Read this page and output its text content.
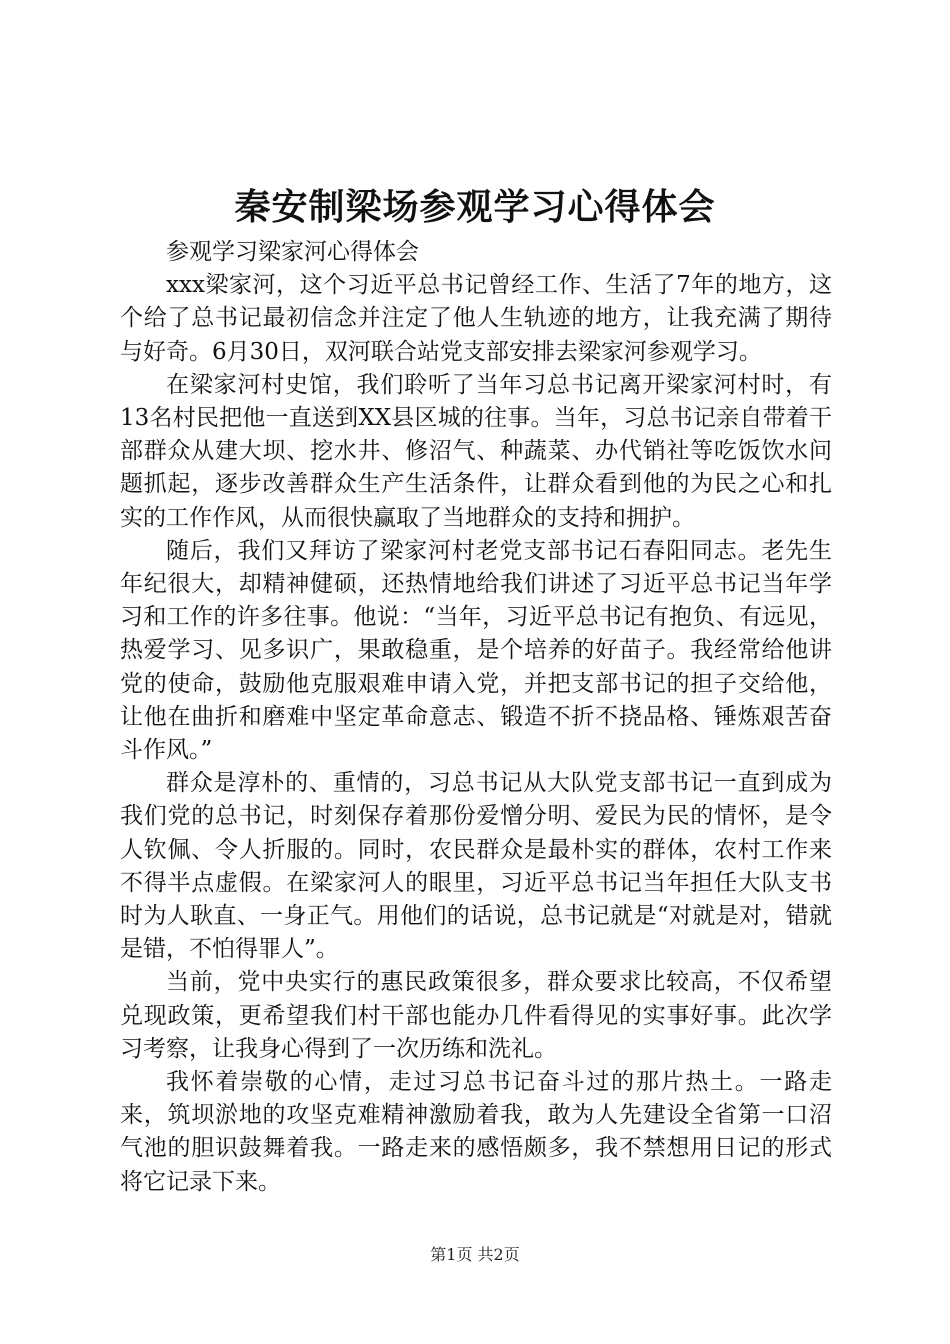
秦安制梁场参观学习心得体会

参观学习梁家河心得体会

xxx梁家河，这个习近平总书记曾经工作、生活了7年的地方，这个给了总书记最初信念并注定了他人生轨迹的地方，让我充满了期待与好奇。6月30日，双河联合站党支部安排去梁家河参观学习。

在梁家河村史馆，我们聆听了当年习总书记离开梁家河村时，有13名村民把他一直送到XX县区城的往事。当年，习总书记亲自带着干部群众从建大坝、挖水井、修沼气、种蔬菜、办代销社等吃饭饮水问题抓起，逐步改善群众生产生活条件，让群众看到他的为民之心和扎实的工作作风，从而很快赢取了当地群众的支持和拥护。

随后，我们又拜访了梁家河村老党支部书记石春阳同志。老先生年纪很大，却精神健硕，还热情地给我们讲述了习近平总书记当年学习和工作的许多往事。他说：“当年，习近平总书记有抱负、有远见，热爱学习、见多识广，果敢稳重，是个培养的好苗子。我经常给他讲党的使命，鼓励他克服艰难申请入党，并把支部书记的担子交给他，让他在曲折和磨难中坚定革命意志、锻造不折不挠品格、锤炼艰苦奋斗作风。”

群众是淳朴的、重情的，习总书记从大队党支部书记一直到成为我们党的总书记，时刻保存着那份爱憎分明、爱民为民的情怀，是令人钦佩、令人折服的。同时，农民群众是最朴实的群体，农村工作来不得半点虚假。在梁家河人的眼里，习近平总书记当年担任大队支书时为人耿直、一身正气。用他们的话说，总书记就是“对就是对，错就是错，不怕得罪人”。

当前，党中央实行的惠民政策很多，群众要求比较高，不仅希望兑现政策，更希望我们村干部也能办几件看得见的实事好事。此次学习考察，让我身心得到了一次历练和洗礼。

我怀着崇敬的心情，走过习总书记奋斗过的那片热土。一路走来，筑坝淤地的攻坚克难精神激励着我，敢为人先建设全省第一口沼气池的胆识鼓舞着我。一路走来的感悟颇多，我不禁想用日记的形式将它记录下来。

第1页 共2页
